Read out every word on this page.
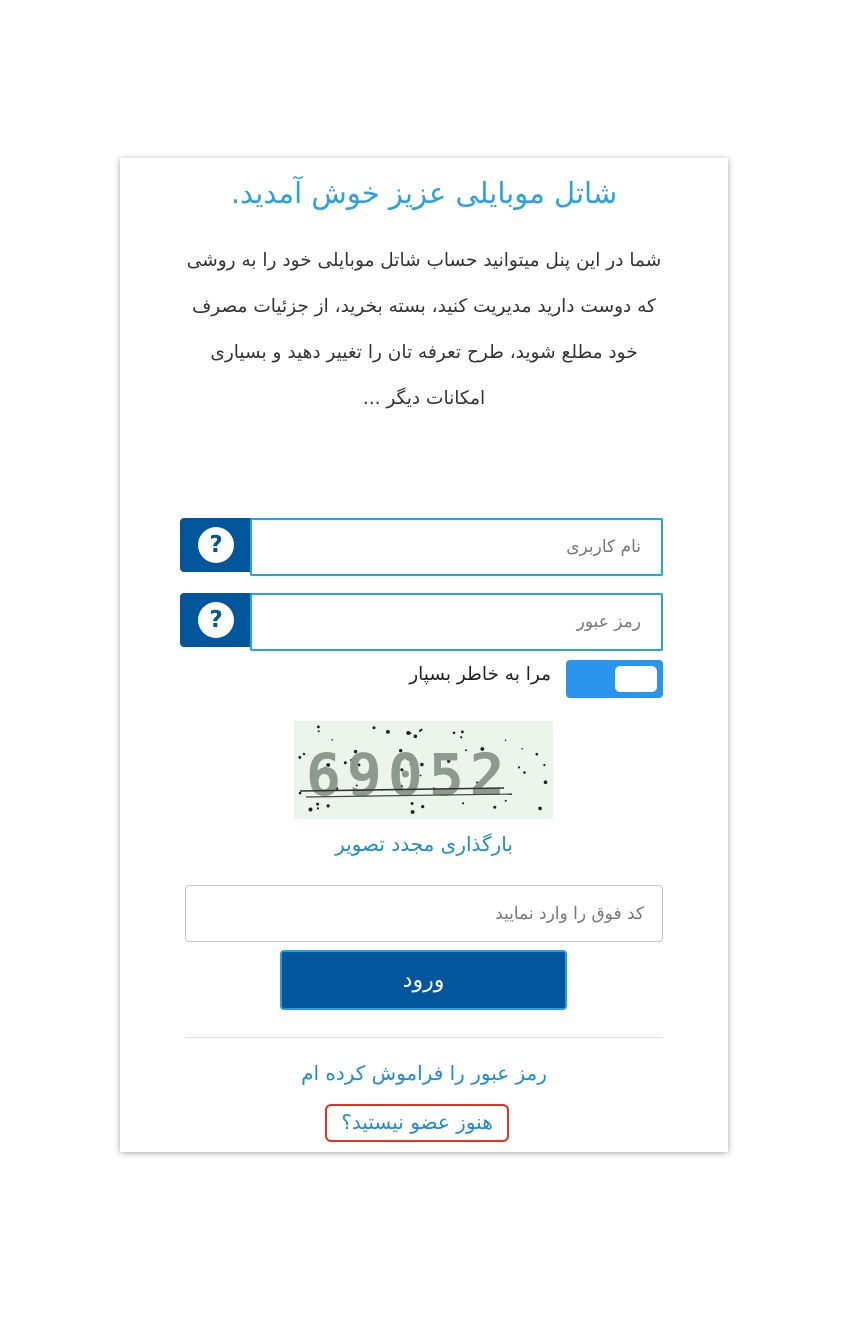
شاتل موبایلی عزیز خوش آمدید.

شما در این پنل میتوانید حساب شاتل موبایلی خود را به روشی
که دوست دارید مدیریت کنید، بسته بخرید، از جزئیات مصرف
خود مطلع شوید، طرح تعرفه تان را تغییر دهید و بسیاری
امکانات دیگر ...

?
نام کاربری
?
مرا به خاطر بسپار
69052
بارگذاری مجدد تصویر
کد فوق را وارد نمایید
ورود
رمز عبور را فراموش کرده ام
هنوز عضو نیستید؟
